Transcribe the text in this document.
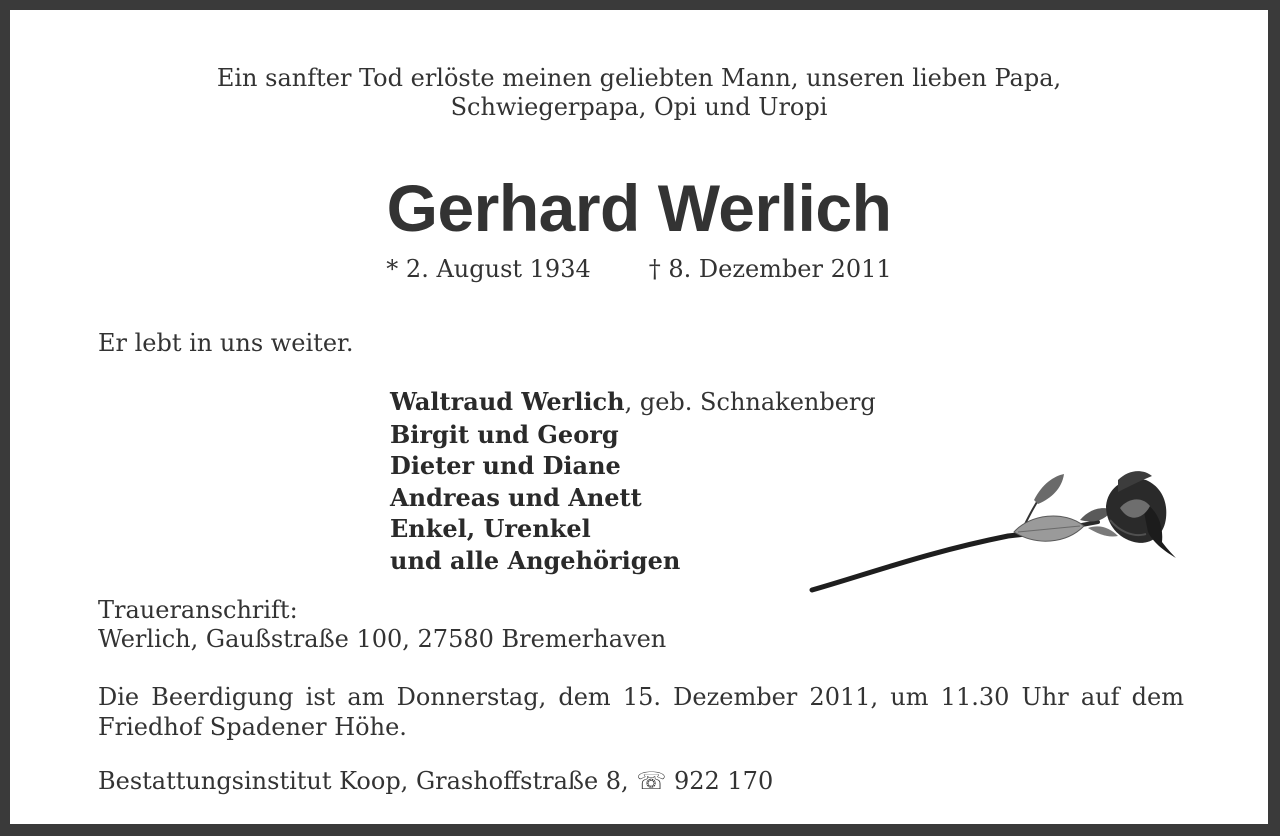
Ein sanfter Tod erlöste meinen geliebten Mann, unseren lieben Papa,
Schwiegerpapa, Opi und Uropi
Gerhard Werlich
* 2. August 1934 † 8. Dezember 2011
Er lebt in uns weiter.
Waltraud Werlich, geb. Schnakenberg
Birgit und Georg
Dieter und Diane
Andreas und Anett
Enkel, Urenkel
und alle Angehörigen
Traueranschrift:
Werlich, Gaußstraße 100, 27580 Bremerhaven
Die Beerdigung ist am Donnerstag, dem 15. Dezember 2011, um 11.30 Uhr auf dem Friedhof Spadener Höhe.
Bestattungsinstitut Koop, Grashoffstraße 8, ☏ 922 170
